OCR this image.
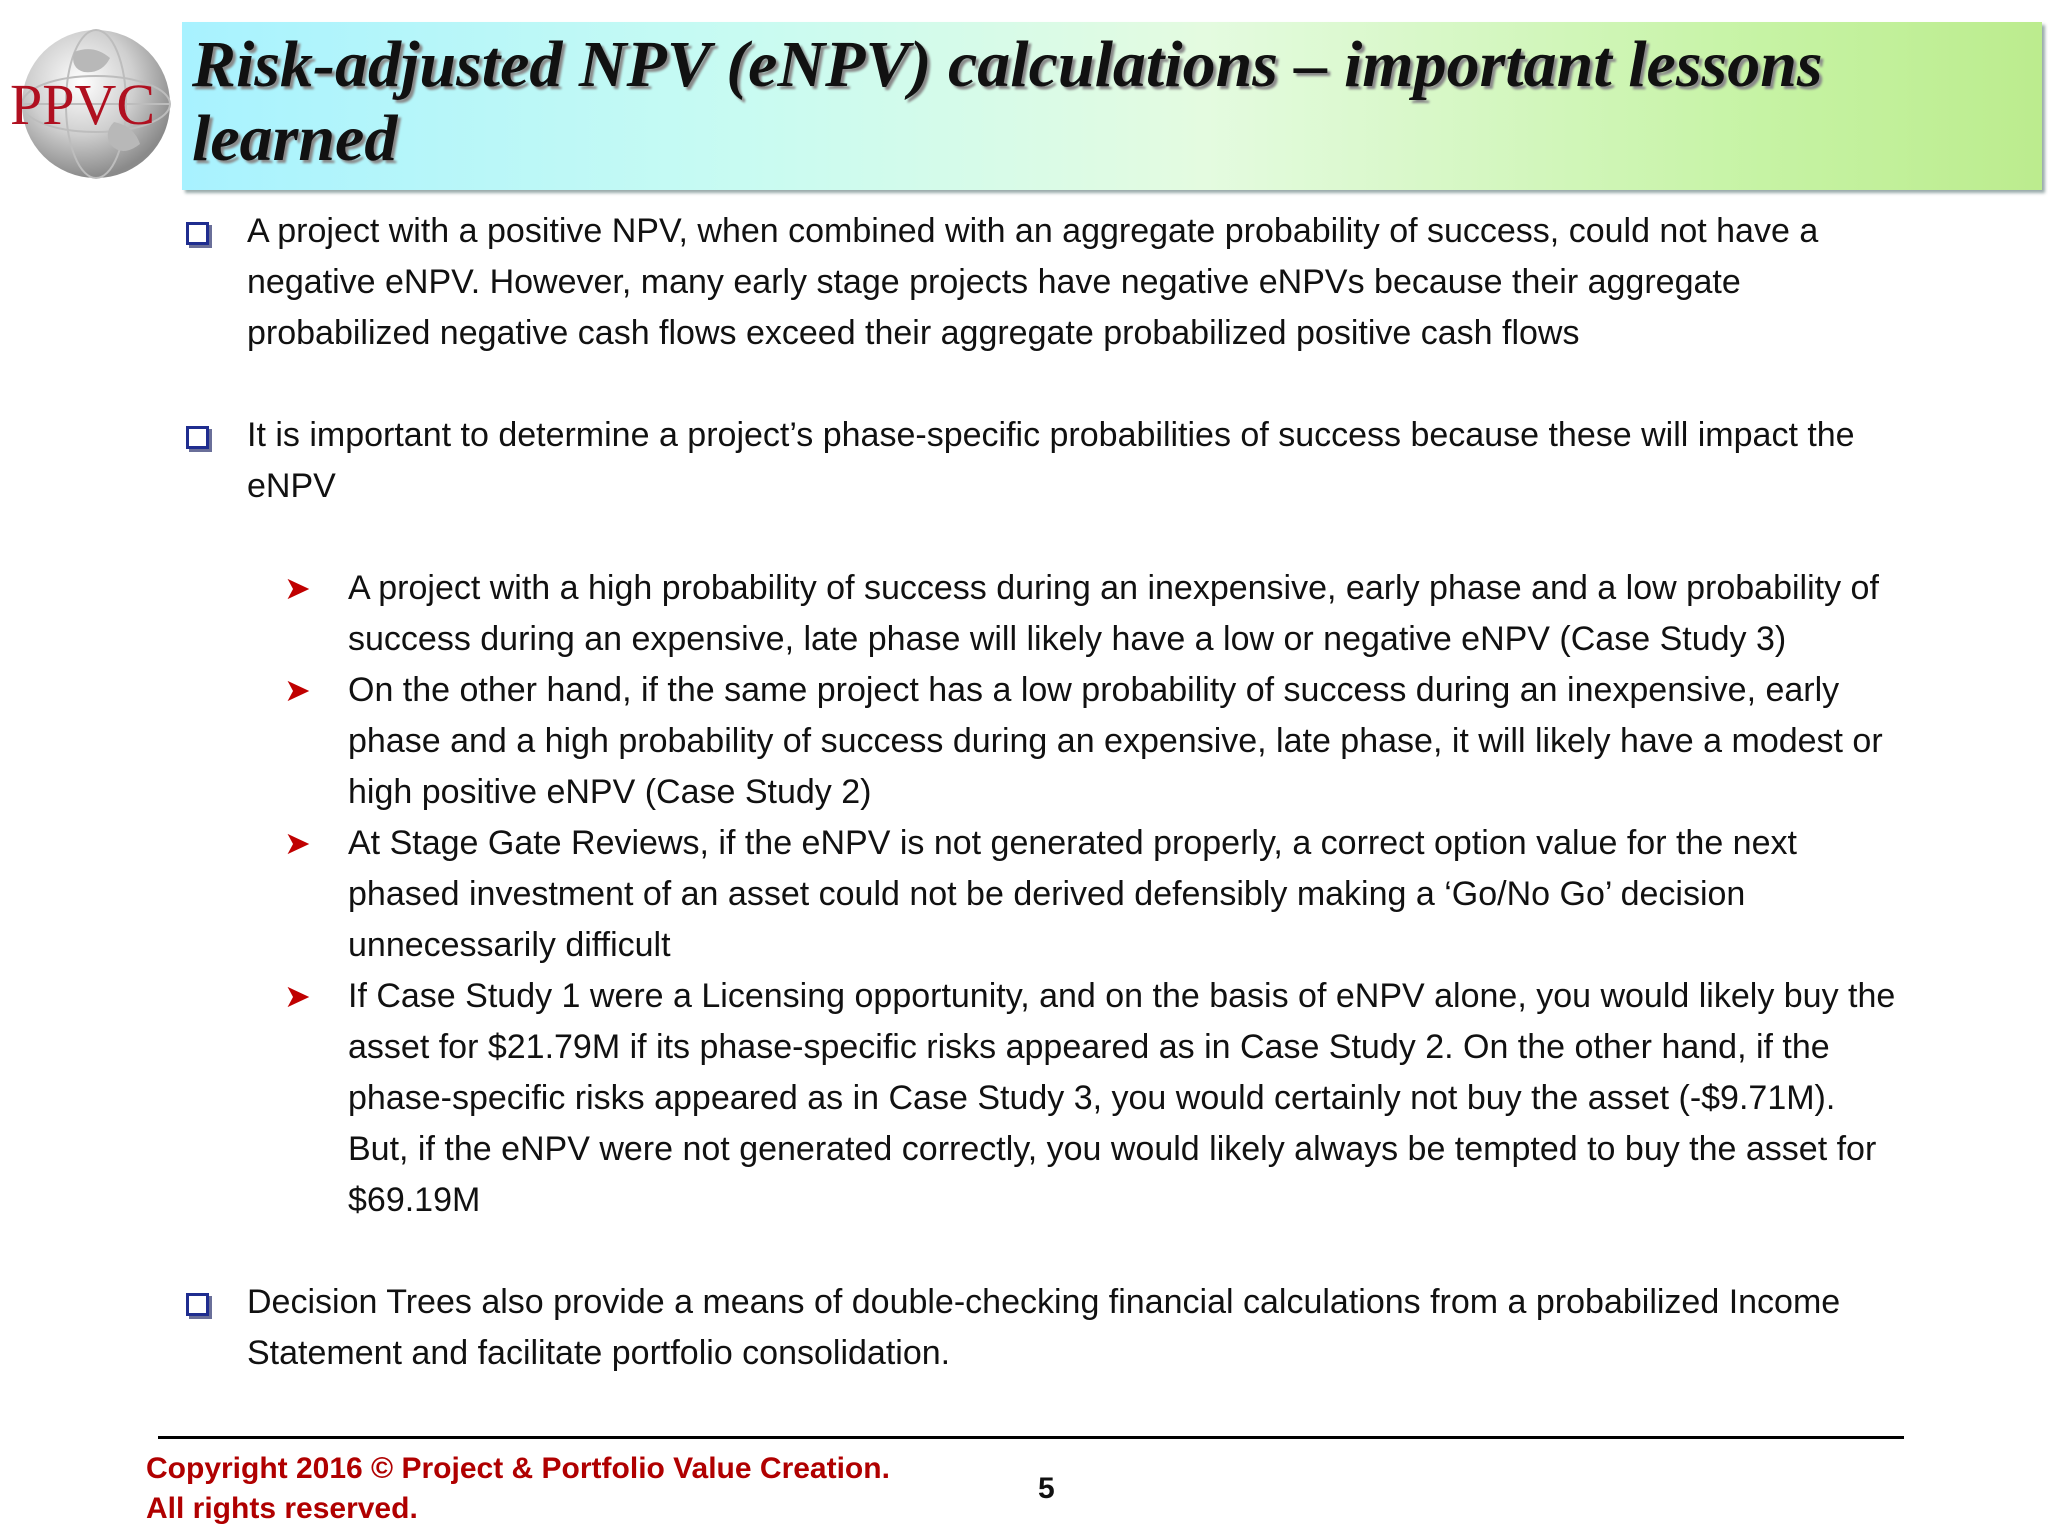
PPVC
Risk-adjusted NPV (eNPV) calculations – important lessons learned
A project with a positive NPV, when combined with an aggregate probability of success, could not have a negative eNPV. However, many early stage projects have negative eNPVs because their aggregate probabilized negative cash flows exceed their aggregate probabilized positive cash flows
It is important to determine a project’s phase-specific probabilities of success because these will impact the eNPV
➤ A project with a high probability of success during an inexpensive, early phase and a low probability of success during an expensive, late phase will likely have a low or negative eNPV (Case Study 3)
➤ On the other hand, if the same project has a low probability of success during an inexpensive, early phase and a high probability of success during an expensive, late phase, it will likely have a modest or high positive eNPV (Case Study 2)
➤ At Stage Gate Reviews, if the eNPV is not generated properly, a correct option value for the next phased investment of an asset could not be derived defensibly making a ‘Go/No Go’ decision unnecessarily difficult
➤ If Case Study 1 were a Licensing opportunity, and on the basis of eNPV alone, you would likely buy the asset for $21.79M if its phase-specific risks appeared as in Case Study 2. On the other hand, if the phase-specific risks appeared as in Case Study 3, you would certainly not buy the asset (-$9.71M). But, if the eNPV were not generated correctly, you would likely always be tempted to buy the asset for $69.19M
Decision Trees also provide a means of double-checking financial calculations from a probabilized Income Statement and facilitate portfolio consolidation.
Copyright 2016 © Project & Portfolio Value Creation.
All rights reserved.
5
